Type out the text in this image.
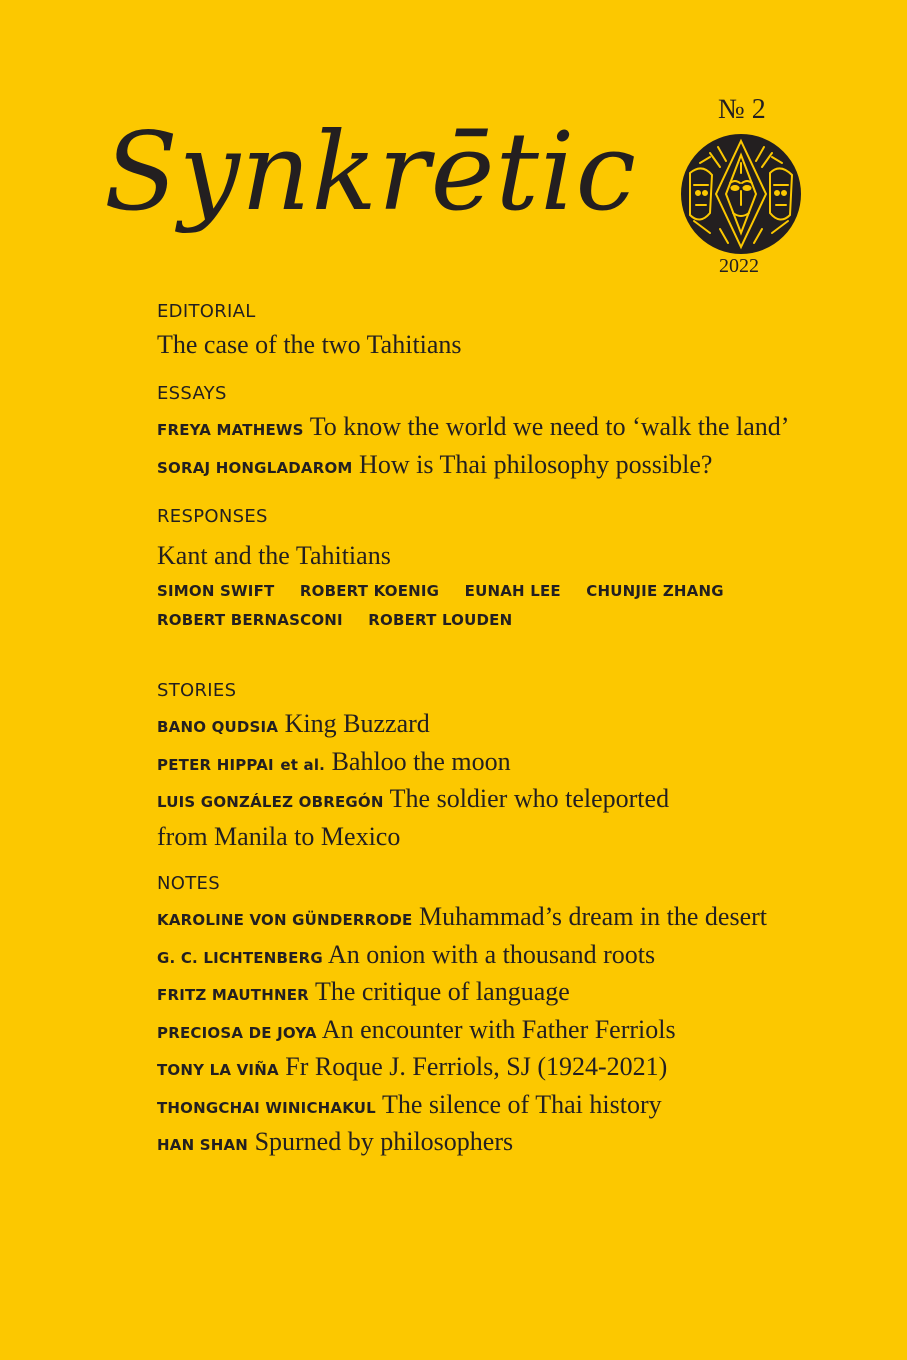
Synkrētic
№ 2
2022
EDITORIAL
The case of the two Tahitians
ESSAYS
FREYA MATHEWS To know the world we need to ‘walk the land’
SORAJ HONGLADAROM How is Thai philosophy possible?
RESPONSES
Kant and the Tahitians
SIMON SWIFT ROBERT KOENIG EUNAH LEE CHUNJIE ZHANG
ROBERT BERNASCONI ROBERT LOUDEN
STORIES
BANO QUDSIA King Buzzard
PETER HIPPAI et al. Bahloo the moon
LUIS GONZÁLEZ OBREGÓN The soldier who teleported
from Manila to Mexico
NOTES
KAROLINE VON GÜNDERRODE Muhammad’s dream in the desert
G. C. LICHTENBERG An onion with a thousand roots
FRITZ MAUTHNER The critique of language
PRECIOSA DE JOYA An encounter with Father Ferriols
TONY LA VIÑA Fr Roque J. Ferriols, SJ (1924-2021)
THONGCHAI WINICHAKUL The silence of Thai history
HAN SHAN Spurned by philosophers
